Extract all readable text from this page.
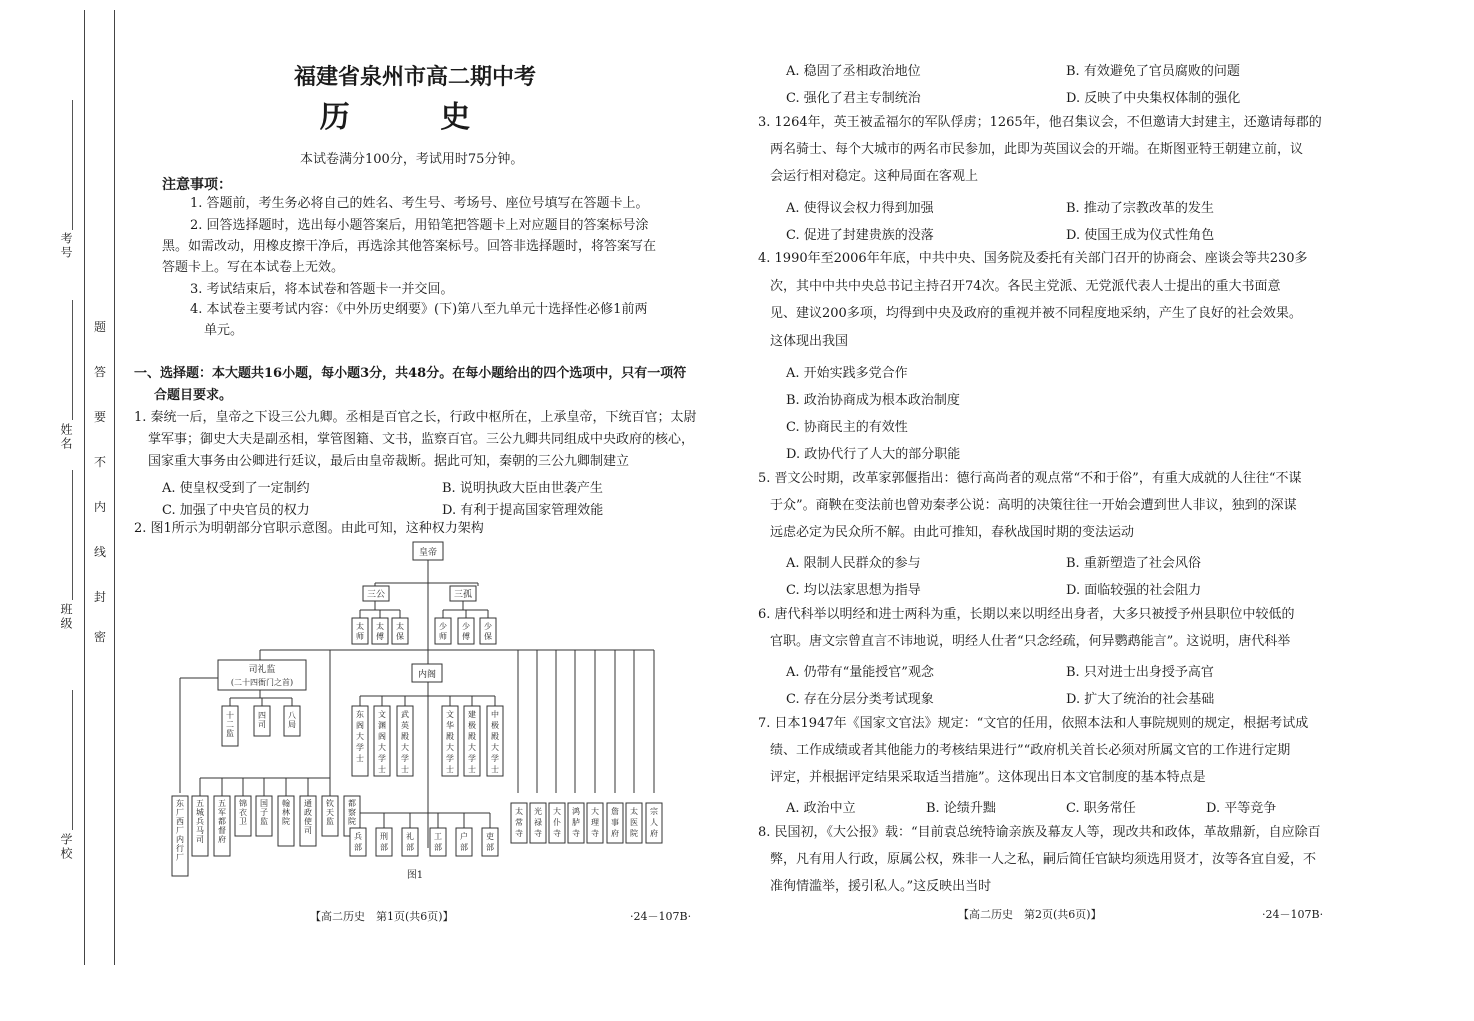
考号
姓名
班级
学校
题
答
要
不
内
线
封
密
福建省泉州市高二期中考
历 史
本试卷满分100分，考试用时75分钟。
注意事项：
1. 答题前，考生务必将自己的姓名、考生号、考场号、座位号填写在答题卡上。
2. 回答选择题时，选出每小题答案后，用铅笔把答题卡上对应题目的答案标号涂
黑。如需改动，用橡皮擦干净后，再选涂其他答案标号。回答非选择题时，将答案写在
答题卡上。写在本试卷上无效。
3. 考试结束后，将本试卷和答题卡一并交回。
4. 本试卷主要考试内容：《中外历史纲要》(下)第八至九单元十选择性必修1前两
单元。
一、选择题：本大题共16小题，每小题3分，共48分。在每小题给出的四个选项中，只有一项符
合题目要求。
1. 秦统一后，皇帝之下设三公九卿。丞相是百官之长，行政中枢所在，上承皇帝，下统百官；太尉
掌军事；御史大夫是副丞相，掌管图籍、文书，监察百官。三公九卿共同组成中央政府的核心，
国家重大事务由公卿进行廷议，最后由皇帝裁断。据此可知，秦朝的三公九卿制建立
A. 使皇权受到了一定制约	B. 说明执政大臣由世袭产生
C. 加强了中央官员的权力	D. 有利于提高国家管理效能
2. 图1所示为明朝部分官职示意图。由此可知，这种权力架构
皇帝
三公	三孤
司礼监
(二十四衙门之首)
内阁
图1
太师
太傅
太保
少师
少傅
少保
十二监
四司
八局
东阁大学士
文渊阁大学士
武英殿大学士
文华殿大学士
建极殿大学士
中极殿大学士
东厂西厂内行厂
五城兵马司
五军都督府
锦衣卫
国子监
翰林院
通政使司
钦天监
都察院
兵部
刑部
礼部
工部
户部
吏部
太常寺
光禄寺
大仆寺
鸿胪寺
大理寺
詹事府
太医院
宗人府
【高二历史　第1页(共6页)】	·24－107B·
A. 稳固了丞相政治地位	B. 有效避免了官员腐败的问题
C. 强化了君主专制统治	D. 反映了中央集权体制的强化
3. 1264年，英王被孟福尔的军队俘虏；1265年，他召集议会，不但邀请大封建主，还邀请每郡的
两名骑士、每个大城市的两名市民参加，此即为英国议会的开端。在斯图亚特王朝建立前，议
会运行相对稳定。这种局面在客观上
A. 使得议会权力得到加强	B. 推动了宗教改革的发生
C. 促进了封建贵族的没落	D. 使国王成为仪式性角色
4. 1990年至2006年年底，中共中央、国务院及委托有关部门召开的协商会、座谈会等共230多
次，其中中共中央总书记主持召开74次。各民主党派、无党派代表人士提出的重大书面意
见、建议200多项，均得到中央及政府的重视并被不同程度地采纳，产生了良好的社会效果。
这体现出我国
A. 开始实践多党合作
B. 政治协商成为根本政治制度
C. 协商民主的有效性
D. 政协代行了人大的部分职能
5. 晋文公时期，改革家郭偃指出：德行高尚者的观点常“不和于俗”，有重大成就的人往往“不谋
于众”。商鞅在变法前也曾劝秦孝公说：高明的决策往往一开始会遭到世人非议，独到的深谋
远虑必定为民众所不解。由此可推知，春秋战国时期的变法运动
A. 限制人民群众的参与	B. 重新塑造了社会风俗
C. 均以法家思想为指导	D. 面临较强的社会阻力
6. 唐代科举以明经和进士两科为重，长期以来以明经出身者，大多只被授予州县职位中较低的
官职。唐文宗曾直言不讳地说，明经人仕者“只念经疏，何异鹦鹉能言”。这说明，唐代科举
A. 仍带有“量能授官”观念	B. 只对进士出身授予高官
C. 存在分层分类考试现象	D. 扩大了统治的社会基础
7. 日本1947年《国家文官法》规定：“文官的任用，依照本法和人事院规则的规定，根据考试成
绩、工作成绩或者其他能力的考核结果进行”“政府机关首长必须对所属文官的工作进行定期
评定，并根据评定结果采取适当措施”。这体现出日本文官制度的基本特点是
A. 政治中立	B. 论绩升黜	C. 职务常任	D. 平等竞争
8. 民国初，《大公报》载：“目前袁总统特谕亲族及幕友人等，现改共和政体，革故鼎新，自应除百
弊，凡有用人行政，原属公权，殊非一人之私，嗣后简任官缺均须选用贤才，汝等各宜自爱，不
准徇情滥举，援引私人。”这反映出当时
【高二历史　第2页(共6页)】	·24－107B·
